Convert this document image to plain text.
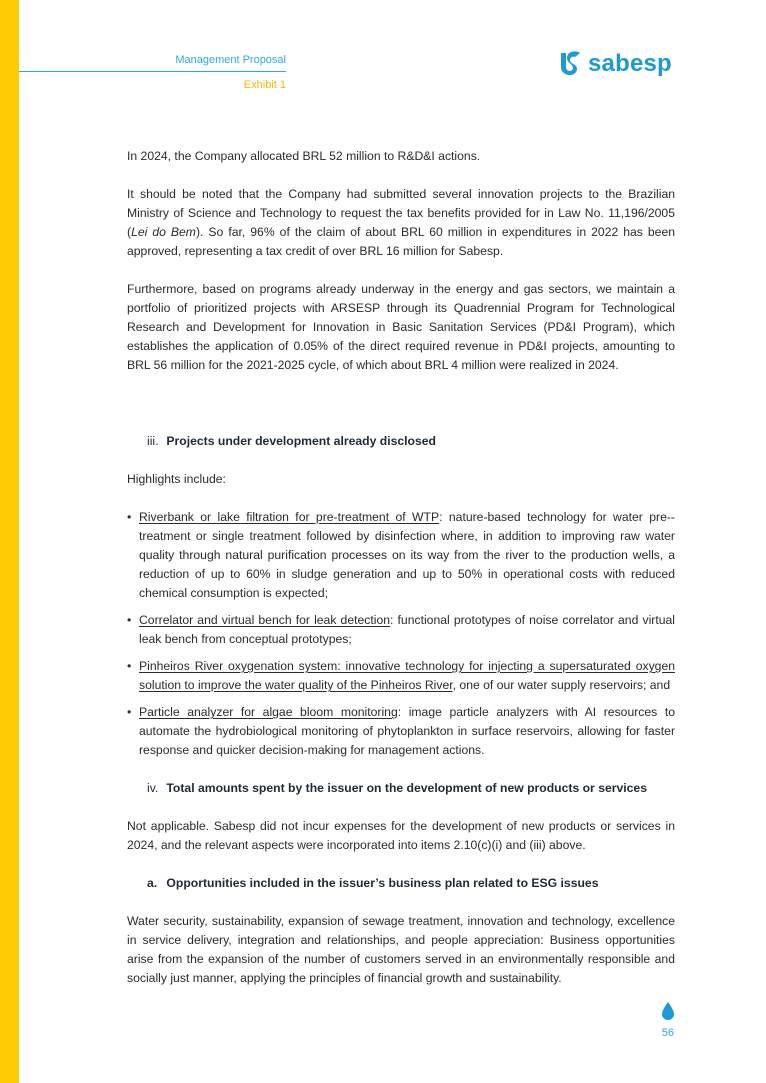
Management Proposal
Exhibit 1
sabesp

In 2024, the Company allocated BRL 52 million to R&D&I actions.

It should be noted that the Company had submitted several innovation projects to the Brazilian Ministry of Science and Technology to request the tax benefits provided for in Law No. 11,196/2005 (Lei do Bem). So far, 96% of the claim of about BRL 60 million in expenditures in 2022 has been approved, representing a tax credit of over BRL 16 million for Sabesp.

Furthermore, based on programs already underway in the energy and gas sectors, we maintain a portfolio of prioritized projects with ARSESP through its Quadrennial Program for Technological Research and Development for Innovation in Basic Sanitation Services (PD&I Program), which establishes the application of 0.05% of the direct required revenue in PD&I projects, amounting to BRL 56 million for the 2021-2025 cycle, of which about BRL 4 million were realized in 2024.

iii. Projects under development already disclosed

Highlights include:

• Riverbank or lake filtration for pre-treatment of WTP: nature-based technology for water pre--treatment or single treatment followed by disinfection where, in addition to improving raw water quality through natural purification processes on its way from the river to the production wells, a reduction of up to 60% in sludge generation and up to 50% in operational costs with reduced chemical consumption is expected;
• Correlator and virtual bench for leak detection: functional prototypes of noise correlator and virtual leak bench from conceptual prototypes;
• Pinheiros River oxygenation system: innovative technology for injecting a supersaturated oxygen solution to improve the water quality of the Pinheiros River, one of our water supply reservoirs; and
• Particle analyzer for algae bloom monitoring: image particle analyzers with AI resources to automate the hydrobiological monitoring of phytoplankton in surface reservoirs, allowing for faster response and quicker decision-making for management actions.

iv. Total amounts spent by the issuer on the development of new products or services

Not applicable. Sabesp did not incur expenses for the development of new products or services in 2024, and the relevant aspects were incorporated into items 2.10(c)(i) and (iii) above.

a. Opportunities included in the issuer’s business plan related to ESG issues

Water security, sustainability, expansion of sewage treatment, innovation and technology, excellence in service delivery, integration and relationships, and people appreciation: Business opportunities arise from the expansion of the number of customers served in an environmentally responsible and socially just manner, applying the principles of financial growth and sustainability.

56
